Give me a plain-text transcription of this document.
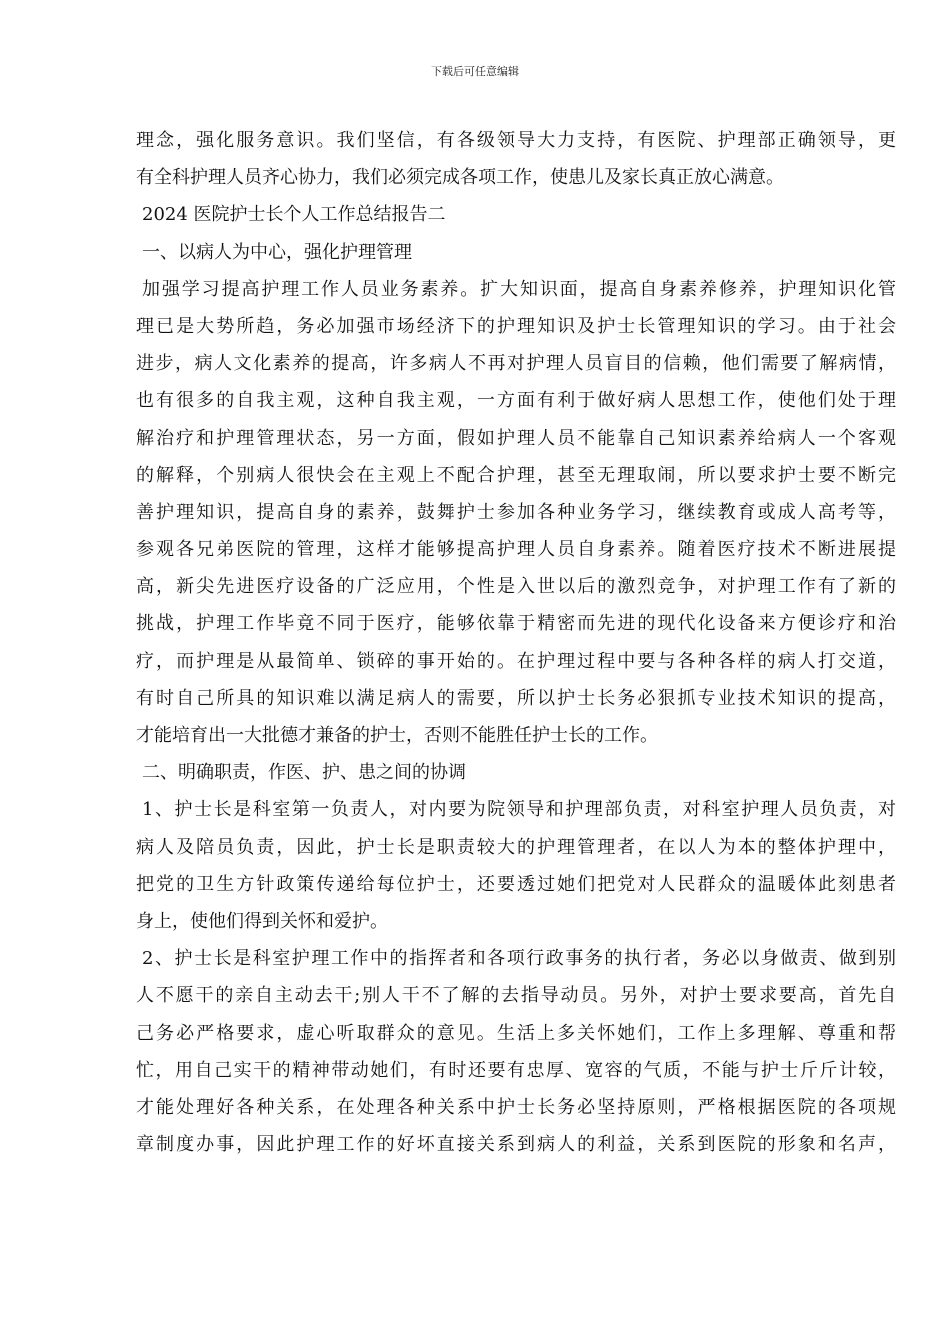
下载后可任意编辑
理念，强化服务意识。我们坚信，有各级领导大力支持，有医院、护理部正确领导，更
有全科护理人员齐心协力，我们必须完成各项工作，使患儿及家长真正放心满意。
2024 医院护士长个人工作总结报告二
一、以病人为中心，强化护理管理
加强学习提高护理工作人员业务素养。扩大知识面，提高自身素养修养，护理知识化管
理已是大势所趋，务必加强市场经济下的护理知识及护士长管理知识的学习。由于社会
进步，病人文化素养的提高，许多病人不再对护理人员盲目的信赖，他们需要了解病情，
也有很多的自我主观，这种自我主观，一方面有利于做好病人思想工作，使他们处于理
解治疗和护理管理状态，另一方面，假如护理人员不能靠自己知识素养给病人一个客观
的解释，个别病人很快会在主观上不配合护理，甚至无理取闹，所以要求护士要不断完
善护理知识，提高自身的素养，鼓舞护士参加各种业务学习，继续教育或成人高考等，
参观各兄弟医院的管理，这样才能够提高护理人员自身素养。随着医疗技术不断进展提
高，新尖先进医疗设备的广泛应用，个性是入世以后的激烈竞争，对护理工作有了新的
挑战，护理工作毕竟不同于医疗，能够依靠于精密而先进的现代化设备来方便诊疗和治
疗，而护理是从最简单、锁碎的事开始的。在护理过程中要与各种各样的病人打交道，
有时自己所具的知识难以满足病人的需要，所以护士长务必狠抓专业技术知识的提高，
才能培育出一大批德才兼备的护士，否则不能胜任护士长的工作。
二、明确职责，作医、护、患之间的协调
1、护士长是科室第一负责人，对内要为院领导和护理部负责，对科室护理人员负责，对
病人及陪员负责，因此，护士长是职责较大的护理管理者，在以人为本的整体护理中，
把党的卫生方针政策传递给每位护士，还要透过她们把党对人民群众的温暖体此刻患者
身上，使他们得到关怀和爱护。
2、护士长是科室护理工作中的指挥者和各项行政事务的执行者，务必以身做责、做到别
人不愿干的亲自主动去干;别人干不了解的去指导动员。另外，对护士要求要高，首先自
己务必严格要求，虚心听取群众的意见。生活上多关怀她们，工作上多理解、尊重和帮
忙，用自己实干的精神带动她们，有时还要有忠厚、宽容的气质，不能与护士斤斤计较，
才能处理好各种关系，在处理各种关系中护士长务必坚持原则，严格根据医院的各项规
章制度办事，因此护理工作的好坏直接关系到病人的利益，关系到医院的形象和名声，
